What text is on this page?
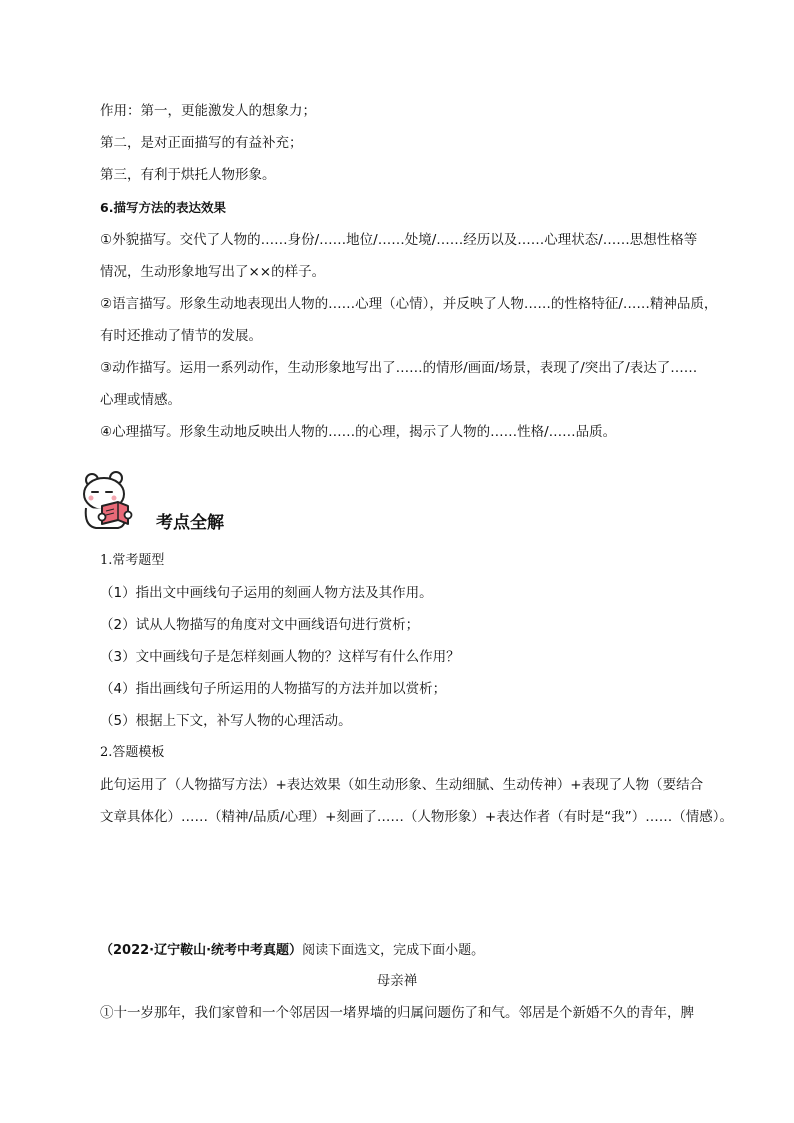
作用：第一，更能激发人的想象力；
第二，是对正面描写的有益补充；
第三，有利于烘托人物形象。
6.描写方法的表达效果
①外貌描写。交代了人物的……身份/……地位/……处境/……经历以及……心理状态/……思想性格等
情况，生动形象地写出了××的样子。
②语言描写。形象生动地表现出人物的……心理（心情），并反映了人物……的性格特征/……精神品质，
有时还推动了情节的发展。
③动作描写。运用一系列动作，生动形象地写出了……的情形/画面/场景，表现了/突出了/表达了……
心理或情感。
④心理描写。形象生动地反映出人物的……的心理，揭示了人物的……性格/……品质。
考点全解
1.常考题型
（1）指出文中画线句子运用的刻画人物方法及其作用。
（2）试从人物描写的角度对文中画线语句进行赏析；
（3）文中画线句子是怎样刻画人物的？这样写有什么作用？
（4）指出画线句子所运用的人物描写的方法并加以赏析；
（5）根据上下文，补写人物的心理活动。
2.答题模板
此句运用了（人物描写方法）+表达效果（如生动形象、生动细腻、生动传神）+表现了人物（要结合
文章具体化）……（精神/品质/心理）+刻画了……（人物形象）+表达作者（有时是“我”）……（情感）。
（2022·辽宁鞍山·统考中考真题）阅读下面选文，完成下面小题。
母亲禅
①十一岁那年，我们家曾和一个邻居因一堵界墙的归属问题伤了和气。邻居是个新婚不久的青年，脾
